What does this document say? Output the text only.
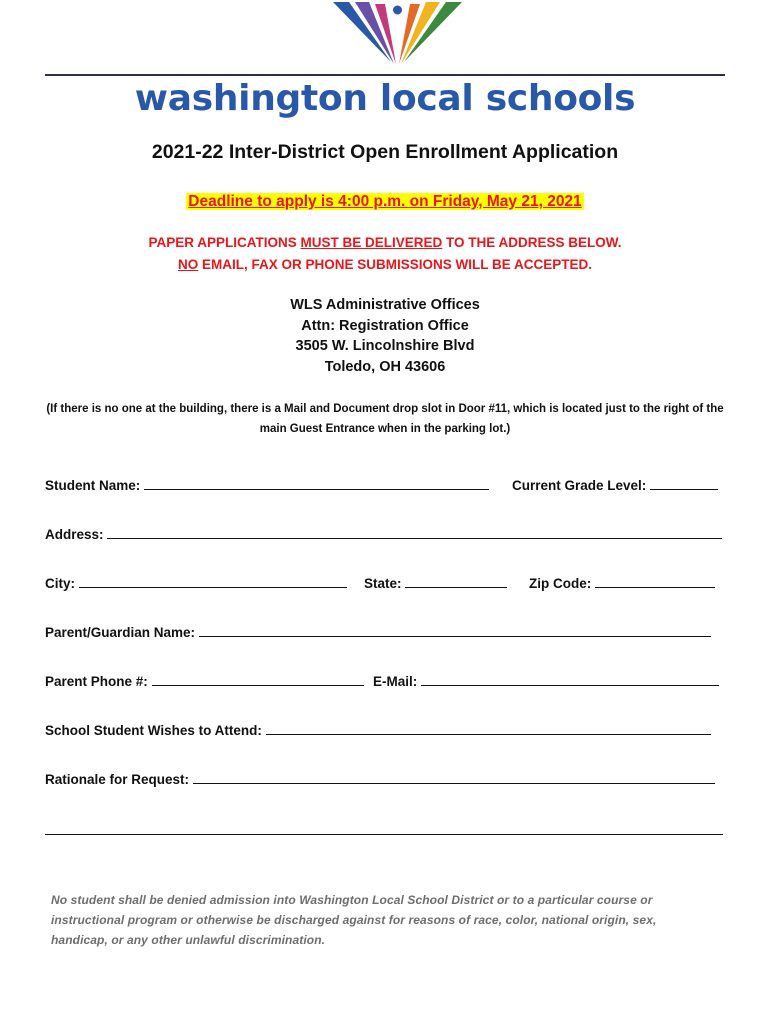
washington local schools
2021-22 Inter-District Open Enrollment Application
Deadline to apply is 4:00 p.m. on Friday, May 21, 2021
PAPER APPLICATIONS MUST BE DELIVERED TO THE ADDRESS BELOW.
NO EMAIL, FAX OR PHONE SUBMISSIONS WILL BE ACCEPTED.
WLS Administrative Offices
Attn: Registration Office
3505 W. Lincolnshire Blvd
Toledo, OH 43606
(If there is no one at the building, there is a Mail and Document drop slot in Door #11, which is located just to the right of the main Guest Entrance when in the parking lot.)
Student Name:	Current Grade Level:
Address:
City:	State:	Zip Code:
Parent/Guardian Name:
Parent Phone #:	E-Mail:
School Student Wishes to Attend:
Rationale for Request:
No student shall be denied admission into Washington Local School District or to a particular course or instructional program or otherwise be discharged against for reasons of race, color, national origin, sex, handicap, or any other unlawful discrimination.
